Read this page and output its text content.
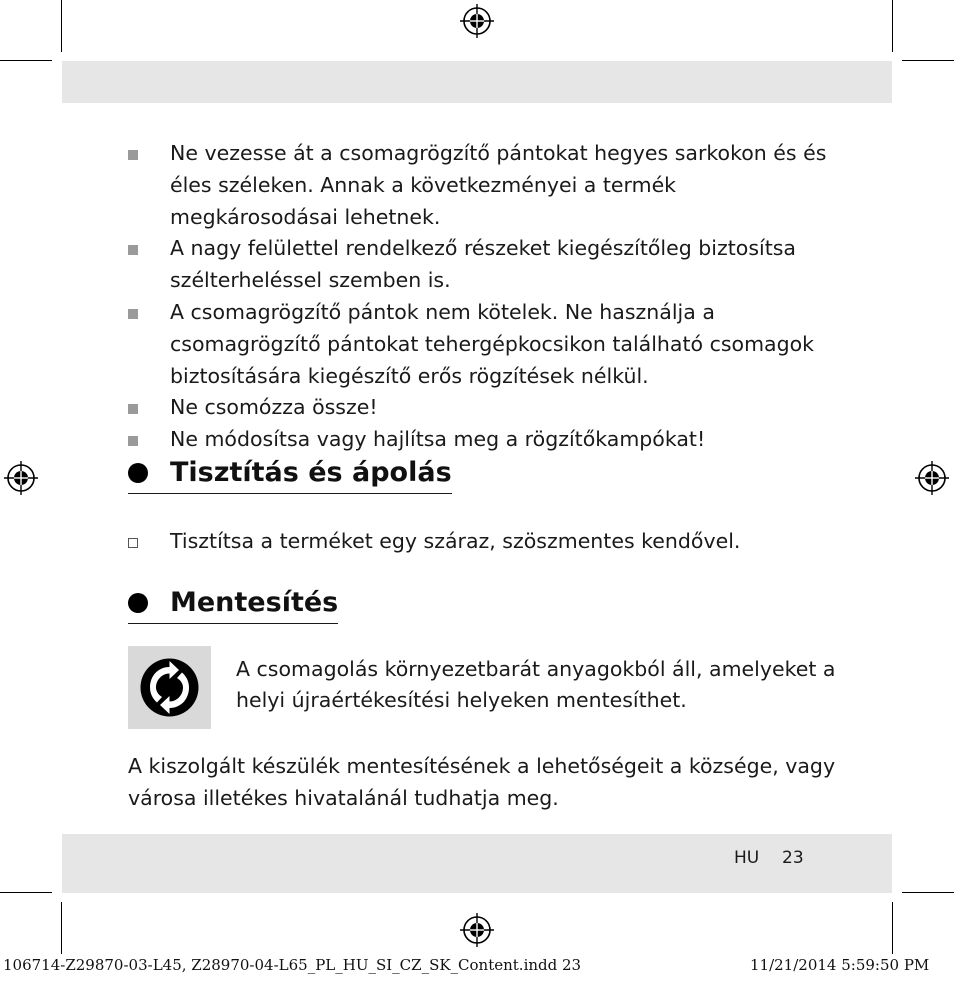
Ne vezesse át a csomagrögzítő pántokat hegyes sarkokon és és éles széleken. Annak a következményei a termék megkárosodásai lehetnek.
A nagy felülettel rendelkező részeket kiegészítőleg biztosítsa szélterheléssel szemben is.
A csomagrögzítő pántok nem kötelek. Ne használja a csomagrögzítő pántokat tehergépkocsikon található csomagok biztosítására kiegészítő erős rögzítések nélkül.
Ne csomózza össze!
Ne módosítsa vagy hajlítsa meg a rögzítőkampókat!
Tisztítás és ápolás
Tisztítsa a terméket egy száraz, szöszmentes kendővel.
Mentesítés
A csomagolás környezetbarát anyagokból áll, amelyeket a helyi újraértékesítési helyeken mentesíthet.
A kiszolgált készülék mentesítésének a lehetőségeit a községe, vagy városa illetékes hivatalánál tudhatja meg.
HU 23
106714-Z29870-03-L45, Z28970-04-L65_PL_HU_SI_CZ_SK_Content.indd 23	11/21/2014 5:59:50 PM
